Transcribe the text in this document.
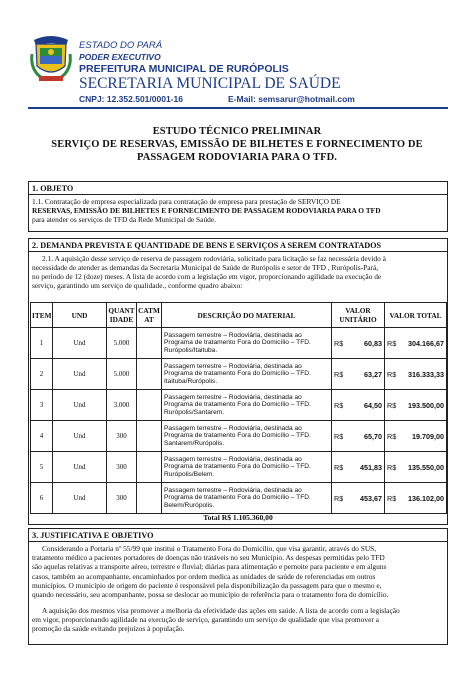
ESTADO DO PARÁ
PODER EXECUTIVO
PREFEITURA MUNICIPAL DE RURÓPOLIS
SECRETARIA MUNICIPAL DE SAÚDE
CNPJ: 12.352.501/0001-16	E-Mail: semsarur@hotmail.com
ESTUDO TÉCNICO PRELIMINAR
SERVIÇO DE RESERVAS, EMISSÃO DE BILHETES E FORNECIMENTO DE
PASSAGEM RODOVIARIA PARA O TFD.
1. OBJETO
1.1. Contratação de empresa especializada para contratação de empresa para prestação de SERVIÇO DE
RESERVAS, EMISSÃO DE BILHETES E FORNECIMENTO DE PASSAGEM RODOVIARIA PARA O TFD
para atender os serviços de TFD da Rede Municipal de Saúde.
2. DEMANDA PREVISTA E QUANTIDADE DE BENS E SERVIÇOS A SEREM CONTRATADOS
2.1. A aquisição desse serviço de reserva de passagem rodoviária, solicitado para licitação se faz necessária devido à
necessidade de atender as demandas da Secretaria Municipal de Saúde de Rurópolis e setor de TFD , Rurópolis-Pará,
no período de 12 (doze) meses. A lista de acordo com a legislação em vigor, proporcionando agilidade na execução de
serviço, garantindo um serviço de qualidade., conforme quadro abaixo:
ITEM	UND	QUANTIDADE	CATMAT	DESCRIÇÃO DO MATERIAL	VALOR UNITÁRIO	VALOR TOTAL
1	Und	5.000		Passagem terrestre – Rodoviária, destinada ao Programa de tratamento Fora do Domicílio – TFD. Rurópolis/Itaituba.	R$ 60,83	R$ 304.166,67

2	Und	5.000		Passagem terrestre – Rodoviária, destinada ao Programa de tratamento Fora do Domicílio – TFD. Itaituba/Rurópolis.	R$ 63,27	R$ 316.333,33

3	Und	3.000		Passagem terrestre – Rodoviária, destinada ao Programa de tratamento Fora do Domicílio – TFD. Rurópolis/Santarem.	R$ 64,50	R$ 193.500,00

4	Und	300		Passagem terrestre – Rodoviária, destinada ao Programa de tratamento Fora do Domicílio – TFD. Santarem/Rurópolis.	R$ 65,70	R$ 19.709,00

5	Und	300		Passagem terrestre – Rodoviária, destinada ao Programa de tratamento Fora do Domicílio – TFD. Rurópolis/Belem.	R$ 451,83	R$ 135.550,00

6	Und	300		Passagem terrestre – Rodoviária, destinada ao Programa de tratamento Fora do Domicílio – TFD. Belem/Rurópolis.	R$ 453,67	R$ 136.102,00
Total R$ 1.105.360,00
3. JUSTIFICATIVA E OBJETIVO
Considerando a Portaria nº 55/99 que institui o Tratamento Fora do Domicílio, que visa garantir, através do SUS,
tratamento médico a pacientes portadores de doenças não tratáveis no seu Município. As despesas permitidas pelo TFD
são aquelas relativas a transporte aéreo, terrestre e fluvial; diárias para alimentação e pernoite para paciente e em alguns
casos, também ao acompanhante, encaminhados por ordem medica as unidades de saúde de referenciadas em outros
municípios. O município de origem do paciente é responsável pela disponibilização da passagem para que o mesmo e,
quando necessário, seu acompanhante, possa se deslocar ao município de referência para o tratamento fora do domicílio.
A aquisição dos mesmos visa promover a melhoria da efetividade das ações em saúde. A lista de acordo com a legislação
em vigor, proporcionando agilidade na execução de serviço, garantindo um serviço de qualidade que visa promover a
promoção da saúde evitando prejuízos à população.
